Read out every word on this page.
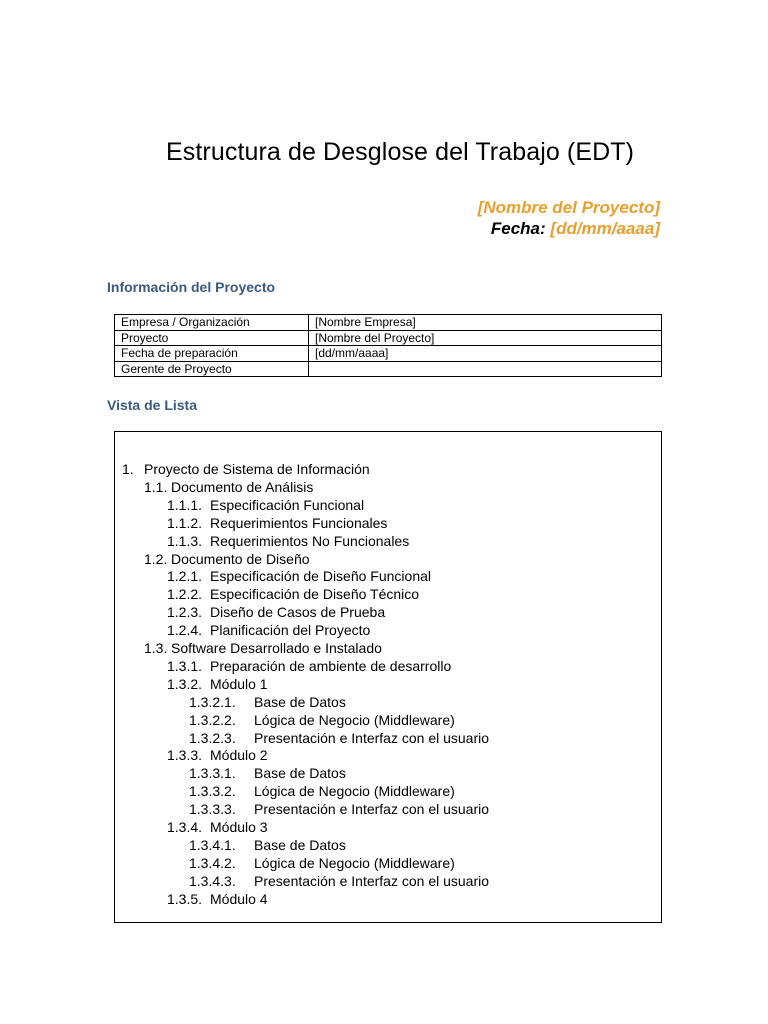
Estructura de Desglose del Trabajo (EDT)
[Nombre del Proyecto]
Fecha: [dd/mm/aaaa]
Información del Proyecto
Empresa / Organización	[Nombre Empresa]
Proyecto	[Nombre del Proyecto]
Fecha de preparación	[dd/mm/aaaa]
Gerente de Proyecto	
Vista de Lista
1. Proyecto de Sistema de Información
1.1. Documento de Análisis
1.1.1. Especificación Funcional
1.1.2. Requerimientos Funcionales
1.1.3. Requerimientos No Funcionales
1.2. Documento de Diseño
1.2.1. Especificación de Diseño Funcional
1.2.2. Especificación de Diseño Técnico
1.2.3. Diseño de Casos de Prueba
1.2.4. Planificación del Proyecto
1.3. Software Desarrollado e Instalado
1.3.1. Preparación de ambiente de desarrollo
1.3.2. Módulo 1
1.3.2.1. Base de Datos
1.3.2.2. Lógica de Negocio (Middleware)
1.3.2.3. Presentación e Interfaz con el usuario
1.3.3. Módulo 2
1.3.3.1. Base de Datos
1.3.3.2. Lógica de Negocio (Middleware)
1.3.3.3. Presentación e Interfaz con el usuario
1.3.4. Módulo 3
1.3.4.1. Base de Datos
1.3.4.2. Lógica de Negocio (Middleware)
1.3.4.3. Presentación e Interfaz con el usuario
1.3.5. Módulo 4
